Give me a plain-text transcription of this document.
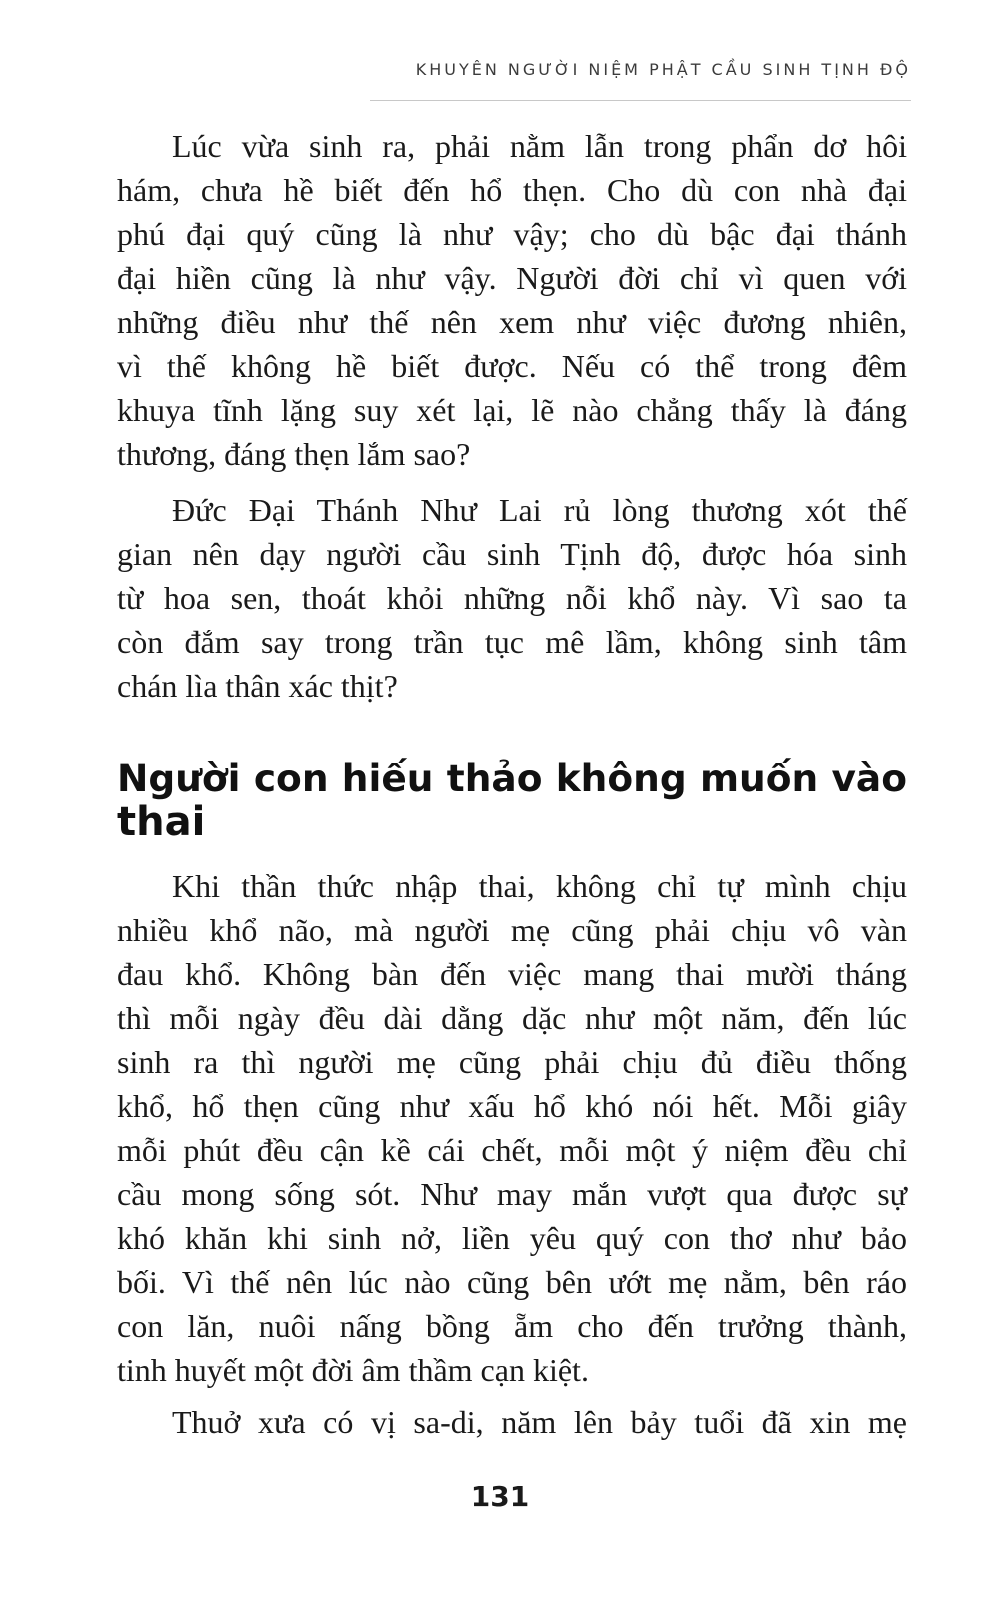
KHUYÊN NGƯỜI NIỆM PHẬT CẦU SINH TỊNH ĐỘ
Lúc vừa sinh ra, phải nằm lẫn trong phẩn dơ hôi
hám, chưa hề biết đến hổ thẹn. Cho dù con nhà đại
phú đại quý cũng là như vậy; cho dù bậc đại thánh
đại hiền cũng là như vậy. Người đời chỉ vì quen với
những điều như thế nên xem như việc đương nhiên,
vì thế không hề biết được. Nếu có thể trong đêm
khuya tĩnh lặng suy xét lại, lẽ nào chẳng thấy là đáng
thương, đáng thẹn lắm sao?
Đức Đại Thánh Như Lai rủ lòng thương xót thế
gian nên dạy người cầu sinh Tịnh độ, được hóa sinh
từ hoa sen, thoát khỏi những nỗi khổ này. Vì sao ta
còn đắm say trong trần tục mê lầm, không sinh tâm
chán lìa thân xác thịt?
Người con hiếu thảo không muốn vào
thai
Khi thần thức nhập thai, không chỉ tự mình chịu
nhiều khổ não, mà người mẹ cũng phải chịu vô vàn
đau khổ. Không bàn đến việc mang thai mười tháng
thì mỗi ngày đều dài dằng dặc như một năm, đến lúc
sinh ra thì người mẹ cũng phải chịu đủ điều thống
khổ, hổ thẹn cũng như xấu hổ khó nói hết. Mỗi giây
mỗi phút đều cận kề cái chết, mỗi một ý niệm đều chỉ
cầu mong sống sót. Như may mắn vượt qua được sự
khó khăn khi sinh nở, liền yêu quý con thơ như bảo
bối. Vì thế nên lúc nào cũng bên ướt mẹ nằm, bên ráo
con lăn, nuôi nấng bồng ẵm cho đến trưởng thành,
tinh huyết một đời âm thầm cạn kiệt.
Thuở xưa có vị sa-di, năm lên bảy tuổi đã xin mẹ
131
